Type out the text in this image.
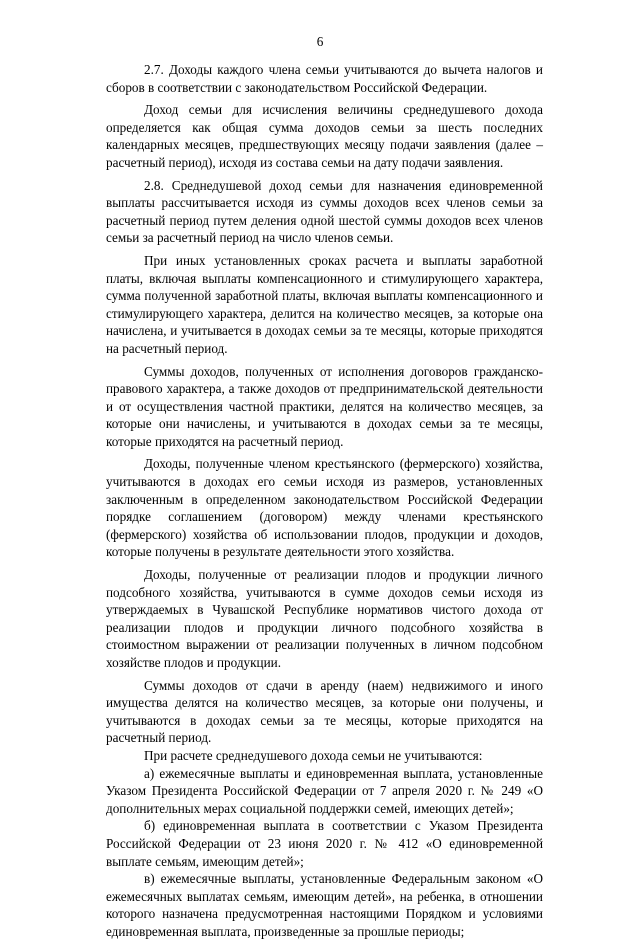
6

2.7. Доходы каждого члена семьи учитываются до вычета налогов и сборов в соответствии с законодательством Российской Федерации.

Доход семьи для исчисления величины среднедушевого дохода определяется как общая сумма доходов семьи за шесть последних календарных месяцев, предшествующих месяцу подачи заявления (далее – расчетный период), исходя из состава семьи на дату подачи заявления.

2.8. Среднедушевой доход семьи для назначения единовременной выплаты рассчитывается исходя из суммы доходов всех членов семьи за расчетный период путем деления одной шестой суммы доходов всех членов семьи за расчетный период на число членов семьи.

При иных установленных сроках расчета и выплаты заработной платы, включая выплаты компенсационного и стимулирующего характера, сумма полученной заработной платы, включая выплаты компенсационного и стимулирующего характера, делится на количество месяцев, за которые она начислена, и учитывается в доходах семьи за те месяцы, которые приходятся на расчетный период.

Суммы доходов, полученных от исполнения договоров гражданско-правового характера, а также доходов от предпринимательской деятельности и от осуществления частной практики, делятся на количество месяцев, за которые они начислены, и учитываются в доходах семьи за те месяцы, которые приходятся на расчетный период.

Доходы, полученные членом крестьянского (фермерского) хозяйства, учитываются в доходах его семьи исходя из размеров, установленных заключенным в определенном законодательством Российской Федерации порядке соглашением (договором) между членами крестьянского (фермерского) хозяйства об использовании плодов, продукции и доходов, которые получены в результате деятельности этого хозяйства.

Доходы, полученные от реализации плодов и продукции личного подсобного хозяйства, учитываются в сумме доходов семьи исходя из утверждаемых в Чувашской Республике нормативов чистого дохода от реализации плодов и продукции личного подсобного хозяйства в стоимостном выражении от реализации полученных в личном подсобном хозяйстве плодов и продукции.

Суммы доходов от сдачи в аренду (наем) недвижимого и иного имущества делятся на количество месяцев, за которые они получены, и учитываются в доходах семьи за те месяцы, которые приходятся на расчетный период.

При расчете среднедушевого дохода семьи не учитываются:

а) ежемесячные выплаты и единовременная выплата, установленные Указом Президента Российской Федерации от 7 апреля 2020 г. № 249 «О дополнительных мерах социальной поддержки семей, имеющих детей»;

б) единовременная выплата в соответствии с Указом Президента Российской Федерации от 23 июня 2020 г. № 412 «О единовременной выплате семьям, имеющим детей»;

в) ежемесячные выплаты, установленные Федеральным законом «О ежемесячных выплатах семьям, имеющим детей», на ребенка, в отношении которого назначена предусмотренная настоящими Порядком и условиями единовременная выплата, произведенные за прошлые периоды;
